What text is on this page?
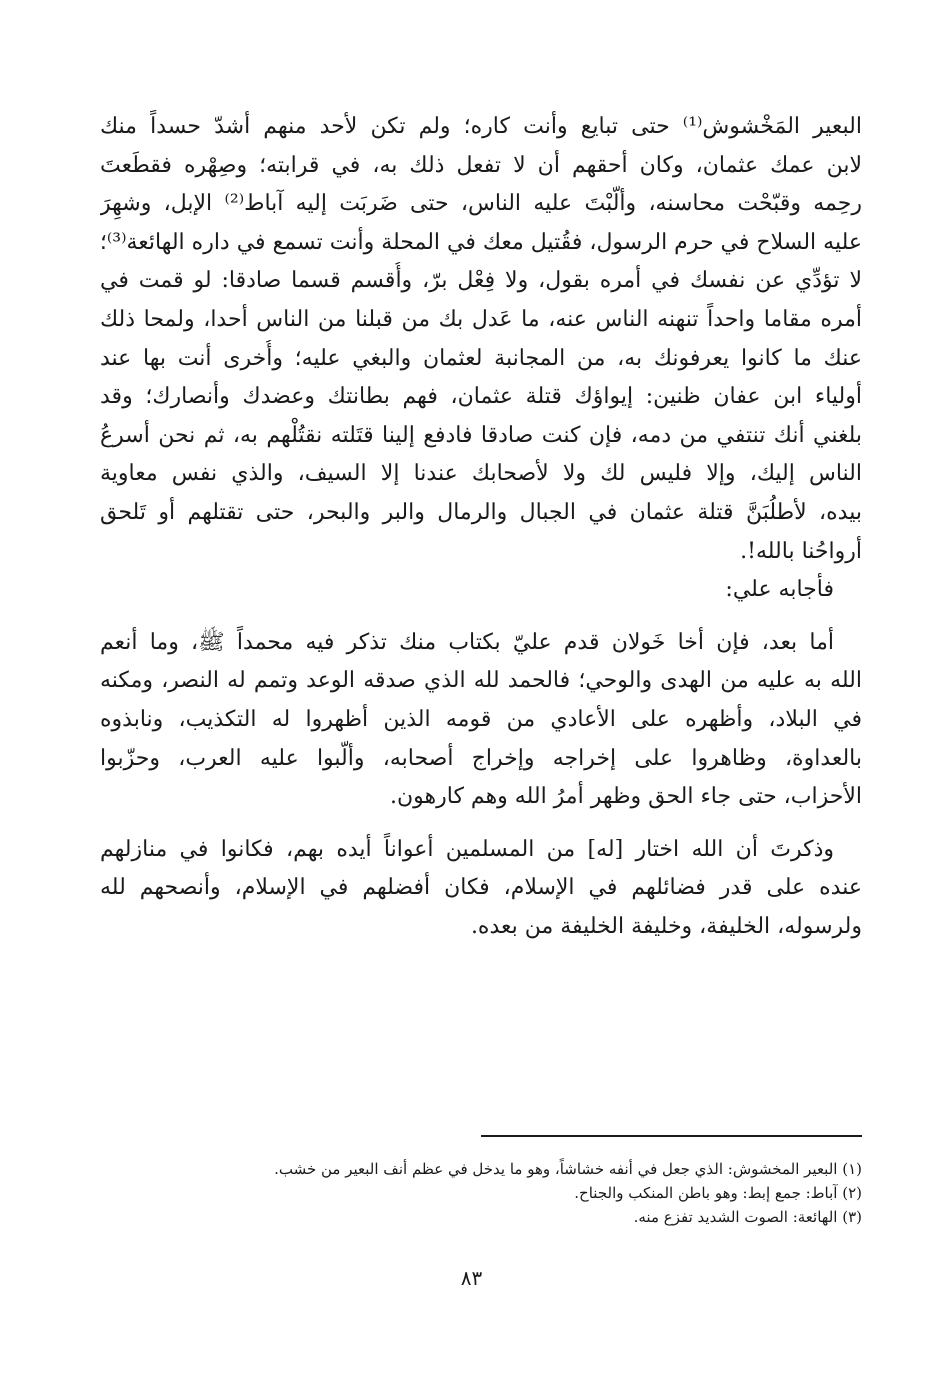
البعير المَخْشوش⁽¹⁾ حتى تبايع وأنت كاره؛ ولم تكن لأحد منهم أشدّ حسداً منك
لابن عمك عثمان، وكان أحقهم أن لا تفعل ذلك به، في قرابته؛ وصِهْره فقطَعتَ
رحِمه وقبّحْت محاسنه، وألّبْتَ عليه الناس، حتى ضَربَت إليه آباط⁽²⁾ الإبل، وشهِرَ
عليه السلاح في حرم الرسول، فقُتيل معك في المحلة وأنت تسمع في داره الهائعة⁽³⁾؛
لا تؤدِّي عن نفسك في أمره بقول، ولا فِعْل برّ، وأُقسم قسما صادقا: لو قمت في
أمره مقاما واحداً تنهنه الناس عنه، ما عَدل بك من قبلنا من الناس أحدا، ولمحا ذلك
عنك ما كانوا يعرفونك به، من المجانبة لعثمان والبغي عليه؛ وأُخرى أنت بها عند
أولياء ابن عفان ظنين: إيواؤك قتلة عثمان، فهم بطانتك وعضدك وأنصارك؛ وقد
بلغني أنك تنتفي من دمه، فإن كنت صادقا فادفع إلينا قتَلته نقتُلْهم به، ثم نحن أسرعُ
الناس إليك، وإلا فليس لك ولا لأصحابك عندنا إلا السيف، والذي نفس معاوية
بيده، لأطلُبَنَّ قتلة عثمان في الجبال والرمال والبر والبحر، حتى تقتلهم أو تَلحق
أرواحُنا بالله!.
فأجابه علي:
أما بعد، فإن أخا خَولان قدم عليّ بكتاب منك تذكر فيه محمداً ﷺ، وما أنعم
الله به عليه من الهدى والوحي؛ فالحمد لله الذي صدقه الوعد وتمم له النصر، ومكنه
في البلاد، وأظهره على الأعادي من قومه الذين أظهروا له التكذيب، ونابذوه
بالعداوة، وظاهروا على إخراجه وإخراج أصحابه، وألّبوا عليه العرب، وحزّبوا
الأحزاب، حتى جاء الحق وظهر أمرُ الله وهم كارهون.
وذكرتَ أن الله اختار [له] من المسلمين أعواناً أيده بهم، فكانوا في منازلهم
عنده على قدر فضائلهم في الإسلام، فكان أفضلهم في الإسلام، وأنصحهم لله
ولرسوله، الخليفة، وخليفة الخليفة من بعده.
(١) البعير المخشوش: الذي جعل في أنفه خشاشاً، وهو ما يدخل في عظم أنف البعير من خشب.
(٢) آباط: جمع إبط: وهو باطن المنكب والجناح.
(٣) الهائعة: الصوت الشديد تفزع منه.
٨٣
